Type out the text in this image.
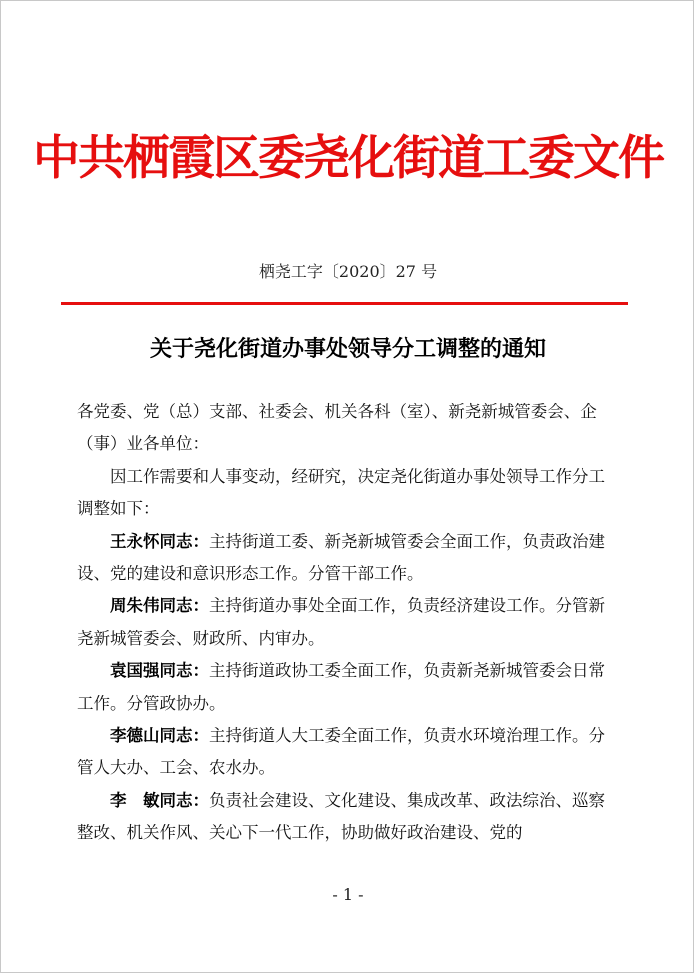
中共栖霞区委尧化街道工委文件
栖尧工字〔2020〕27 号
关于尧化街道办事处领导分工调整的通知

各党委、党（总）支部、社委会、机关各科（室）、新尧新城管委会、企（事）业各单位：

因工作需要和人事变动，经研究，决定尧化街道办事处领导工作分工调整如下：

王永怀同志：主持街道工委、新尧新城管委会全面工作，负责政治建设、党的建设和意识形态工作。分管干部工作。

周朱伟同志：主持街道办事处全面工作，负责经济建设工作。分管新尧新城管委会、财政所、内审办。

袁国强同志：主持街道政协工委全面工作，负责新尧新城管委会日常工作。分管政协办。

李德山同志：主持街道人大工委全面工作，负责水环境治理工作。分管人大办、工会、农水办。

李　敏同志：负责社会建设、文化建设、集成改革、政法综治、巡察整改、机关作风、关心下一代工作，协助做好政治建设、党的

- 1 -
